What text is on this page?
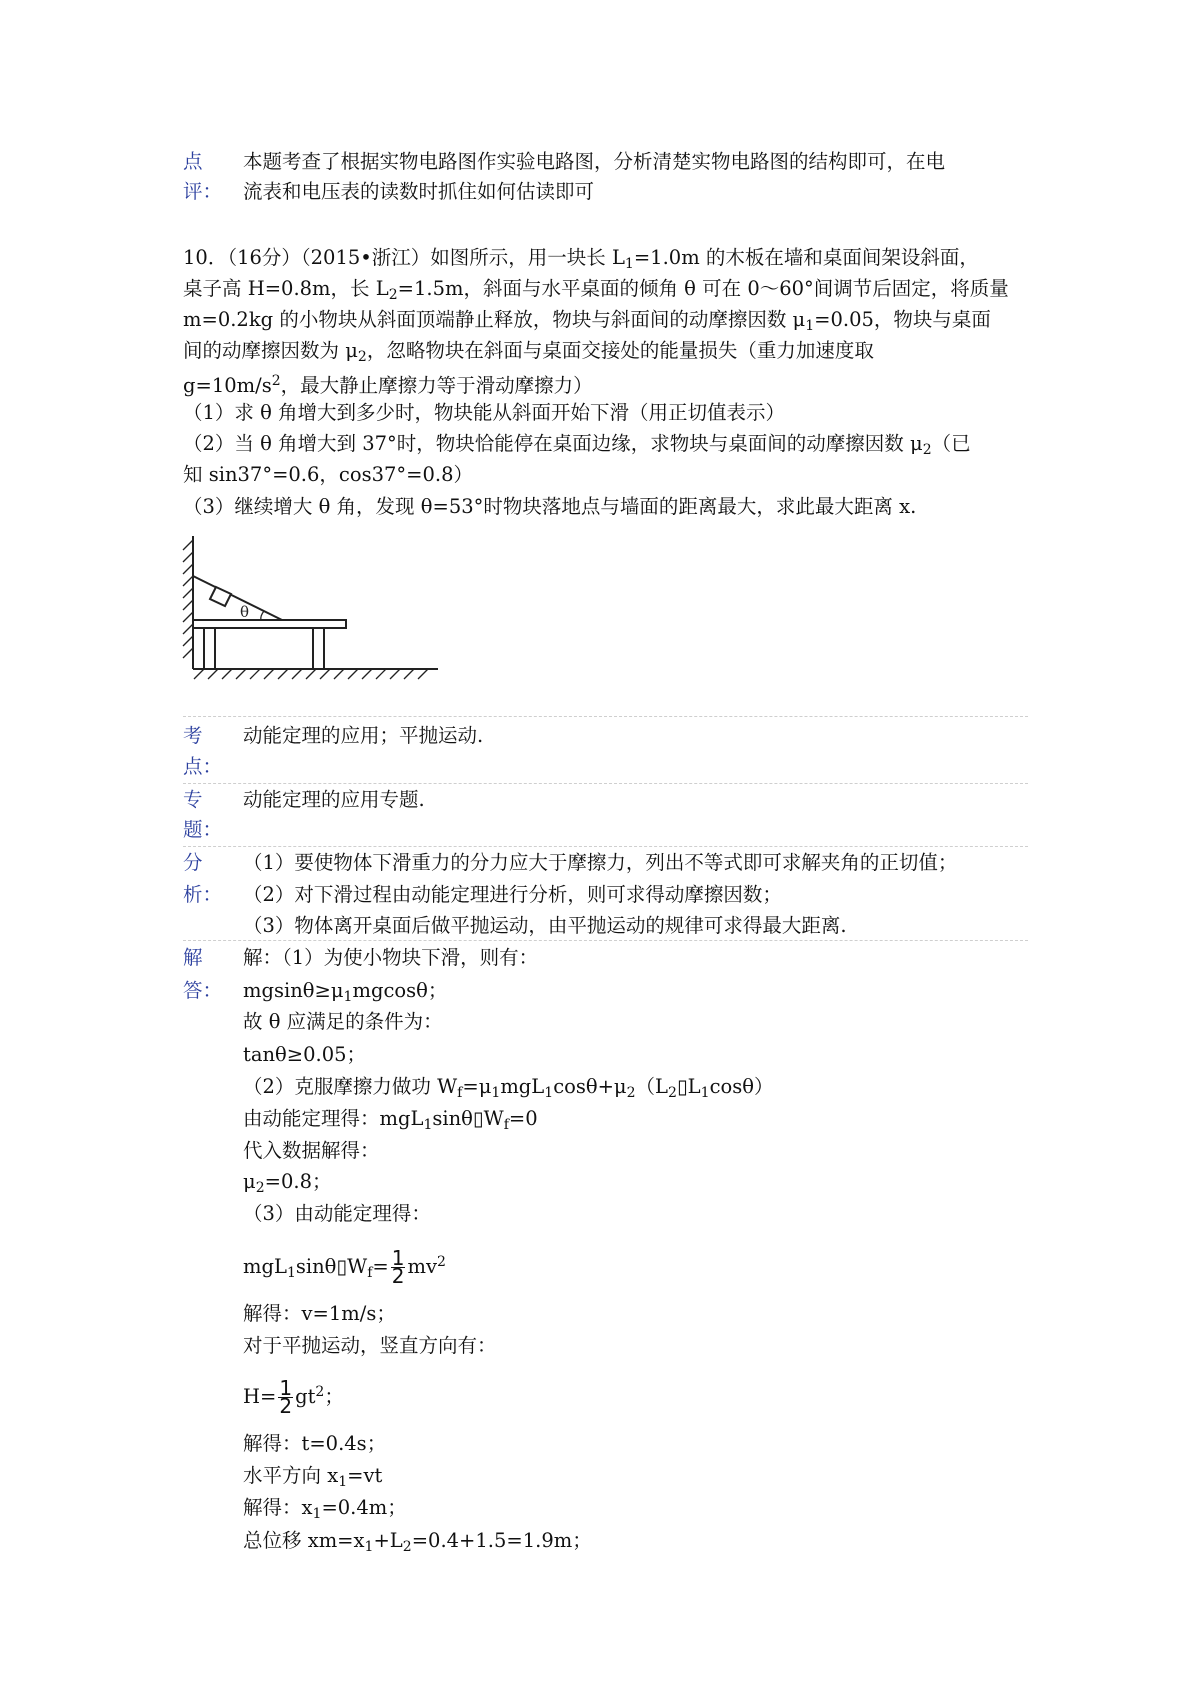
点
评：
本题考查了根据实物电路图作实验电路图，分析清楚实物电路图的结构即可，在电
流表和电压表的读数时抓住如何估读即可
10．（16分）（2015•浙江）如图所示，用一块长 $L_1=1.0m$ 的木板在墙和桌面间架设斜面，
桌子高 H=0.8m，长 $L_2=1.5m$，斜面与水平桌面的倾角 θ 可在 0～60°间调节后固定，将质量
m=0.2kg 的小物块从斜面顶端静止释放，物块与斜面间的动摩擦因数 $\mu_1=0.05$，物块与桌面
间的动摩擦因数为 $\mu_2$，忽略物块在斜面与桌面交接处的能量损失（重力加速度取
$g=10m/s^2$，最大静止摩擦力等于滑动摩擦力）
（1）求 θ 角增大到多少时，物块能从斜面开始下滑（用正切值表示）
（2）当 θ 角增大到 37°时，物块恰能停在桌面边缘，求物块与桌面间的动摩擦因数 $\mu_2$（已
知 sin37°=0.6，cos37°=0.8）
（3）继续增大 θ 角，发现 θ=53°时物块落地点与墙面的距离最大，求此最大距离 x.
θ
考
点：
动能定理的应用；平抛运动.
专
题：
动能定理的应用专题.
分
析：
（1）要使物体下滑重力的分力应大于摩擦力，列出不等式即可求解夹角的正切值；
（2）对下滑过程由动能定理进行分析，则可求得动摩擦因数；
（3）物体离开桌面后做平抛运动，由平抛运动的规律可求得最大距离.
解
答：
解：（1）为使小物块下滑，则有：
$mgsin\theta\ge\mu_1mgcos\theta$；
故 θ 应满足的条件为：
tanθ≥0.05；
（2）克服摩擦力做功 $W_f=\mu_1mgL_1\cos\theta+\mu_2(L_2▯L_1\cos\theta)$
由动能定理得：$mgL_1\sin\theta▯W_f=0$
代入数据解得：
$\mu_2=0.8$；
（3）由动能定理得：
$mgL_1\sin\theta▯W_f= \frac{1}{2} mv^2$
解得：v=1m/s；
对于平抛运动，竖直方向有：
$H= \frac{1}{2} gt^2$；
解得：t=0.4s；
水平方向 $x_1=vt$
解得：$x_1=0.4m$；
总位移 $xm=x_1+L_2=0.4+1.5=1.9m$；
